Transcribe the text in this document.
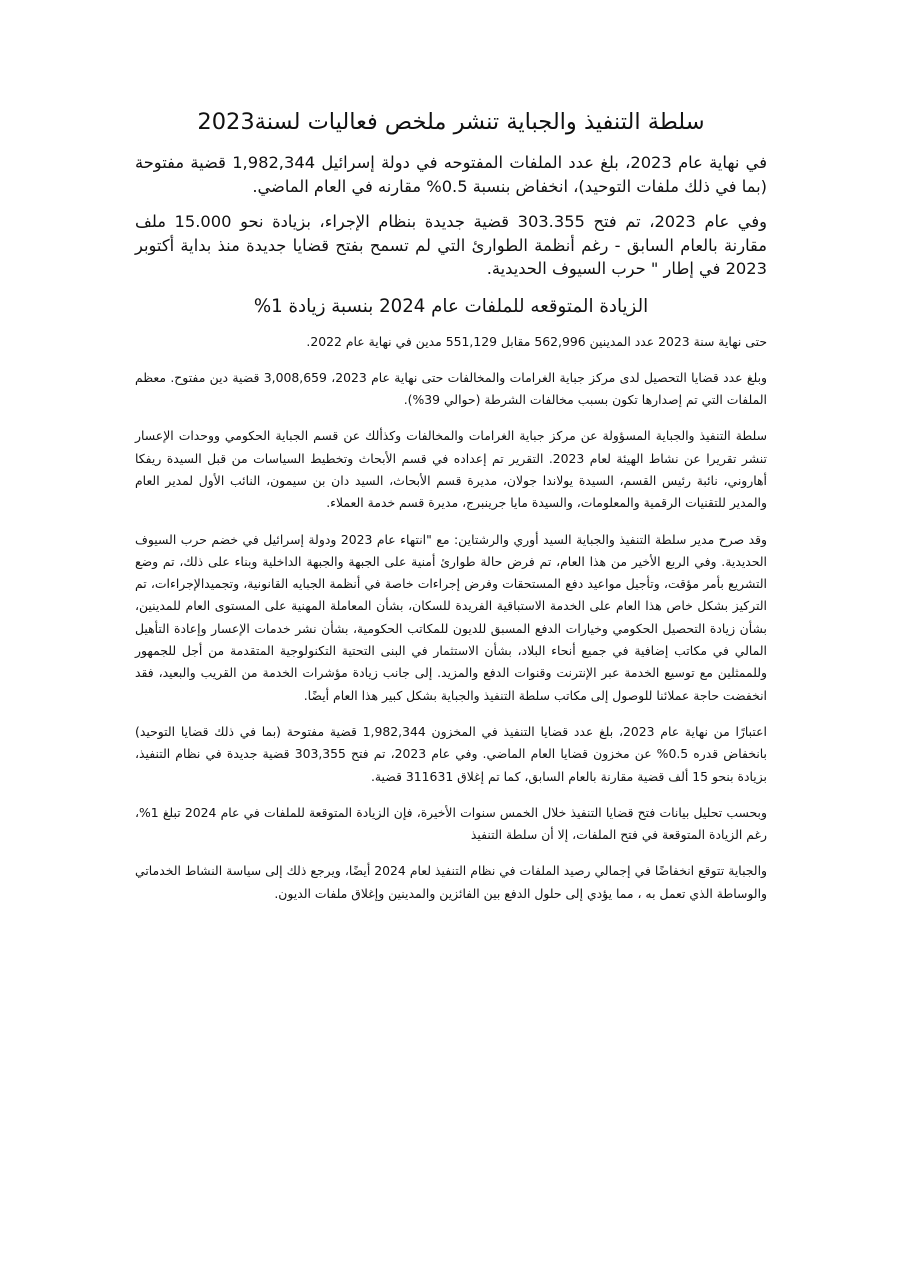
سلطة التنفيذ والجباية تنشر ملخص فعاليات لسنة2023

في نهاية عام 2023، بلغ عدد الملفات المفتوحه في دولة إسرائيل 1,982,344 قضية مفتوحة (بما في ذلك ملفات التوحيد)، انخفاض بنسبة 0.5% مقارنه في العام الماضي.

وفي عام 2023، تم فتح 303.355 قضية جديدة بنظام الإجراء، بزيادة نحو 15.000 ملف مقارنة بالعام السابق - رغم أنظمة الطوارئ التي لم تسمح بفتح قضايا جديدة منذ بداية أكتوبر 2023 في إطار " حرب السيوف الحديدية.

الزيادة المتوقعه للملفات عام 2024 بنسبة زيادة 1%

حتى نهاية سنة 2023 عدد المدينين 562,996 مقابل 551,129 مدين في نهاية عام 2022.

وبلغ عدد قضايا التحصيل لدى مركز جباية الغرامات والمخالفات حتى نهاية عام 2023، 3,008,659 قضية دين مفتوح. معظم الملفات التي تم إصدارها تكون بسبب مخالفات الشرطة (حوالي 39%).

سلطة التنفيذ والجباية المسؤولة عن مركز جباية الغرامات والمخالفات وكذألك عن قسم الجباية الحكومي ووحدات الإعسار تنشر تقريرا عن نشاط الهيئة لعام 2023. التقرير تم إعداده في قسم الأبحاث وتخطيط السياسات من قبل السيدة ريفكا أهاروني، نائبة رئيس القسم، السيدة يولاندا جولان، مديرة قسم الأبحاث، السيد دان بن سيمون، النائب الأول لمدير العام والمدير للتقنيات الرقمية والمعلومات، والسيدة مايا جرينبرج، مديرة قسم خدمة العملاء.

وقد صرح مدير سلطة التنفيذ والجباية السيد أوري والرشتاين: مع "انتهاء عام 2023 ودولة إسرائيل في خضم حرب السيوف الحديدية. وفي الربع الأخير من هذا العام، تم فرض حالة طوارئ أمنية على الجبهة والجبهة الداخلية وبناء على ذلك، تم وضع التشريع بأمر مؤقت، وتأجيل مواعيد دفع المستحقات وفرض إجراءات خاصة في أنظمة الجبايه القانونية، وتجميدالإجراءات، تم التركيز بشكل خاص هذا العام على الخدمة الاستباقية الفريدة للسكان، بشأن المعاملة المهنية على المستوى العام للمدينين، بشأن زيادة التحصيل الحكومي وخيارات الدفع المسبق للديون للمكاتب الحكومية، بشأن نشر خدمات الإعسار وإعادة التأهيل المالي في مكاتب إضافية في جميع أنحاء البلاد، بشأن الاستثمار في البنى التحتية التكنولوجية المتقدمة من أجل للجمهور وللممثلين مع توسيع الخدمة عبر الإنترنت وقنوات الدفع والمزيد. إلى جانب زيادة مؤشرات الخدمة من القريب والبعيد، فقد انخفضت حاجة عملائنا للوصول إلى مكاتب سلطة التنفيذ والجباية بشكل كبير هذا العام أيضًا.

اعتبارًا من نهاية عام 2023، بلغ عدد قضايا التنفيذ في المخزون 1,982,344 قضية مفتوحة (بما في ذلك قضايا التوحيد) بانخفاض قدره 0.5% عن مخزون قضايا العام الماضي. وفي عام 2023، تم فتح 303,355 قضية جديدة في نظام التنفيذ، بزيادة بنحو 15 ألف قضية مقارنة بالعام السابق، كما تم إغلاق 311631 قضية.

وبحسب تحليل بيانات فتح قضايا التنفيذ خلال الخمس سنوات الأخيرة، فإن الزيادة المتوقعة للملفات في عام 2024 تبلغ 1%، رغم الزيادة المتوقعة في فتح الملفات، إلا أن سلطة التنفيذ

والجباية تتوقع انخفاضًا في إجمالي رصيد الملفات في نظام التنفيذ لعام 2024 أيضًا، ويرجع ذلك إلى سياسة النشاط الخدماتي والوساطة الذي تعمل به ، مما يؤدي إلى حلول الدفع بين الفائزين والمدينين وإغلاق ملفات الديون.
